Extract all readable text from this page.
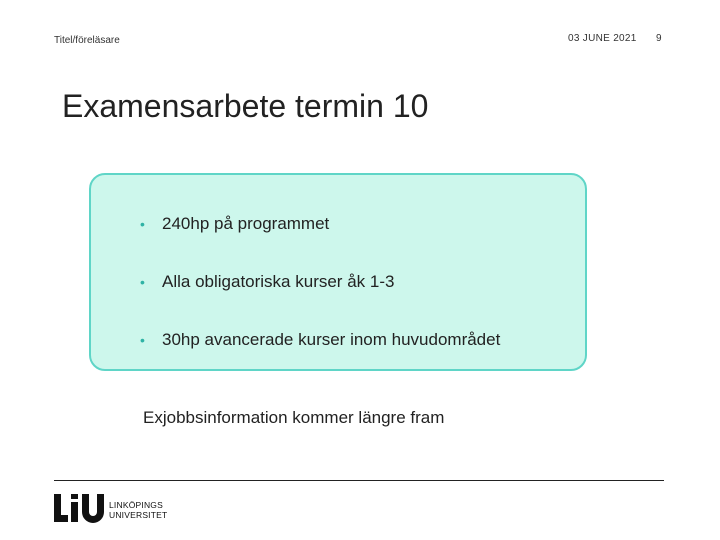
Titel/föreläsare	03 JUNE 2021 9
Examensarbete termin 10
• 240hp på programmet
• Alla obligatoriska kurser åk 1-3
• 30hp avancerade kurser inom huvudområdet
Exjobbsinformation kommer längre fram
LINKÖPINGS
UNIVERSITET
